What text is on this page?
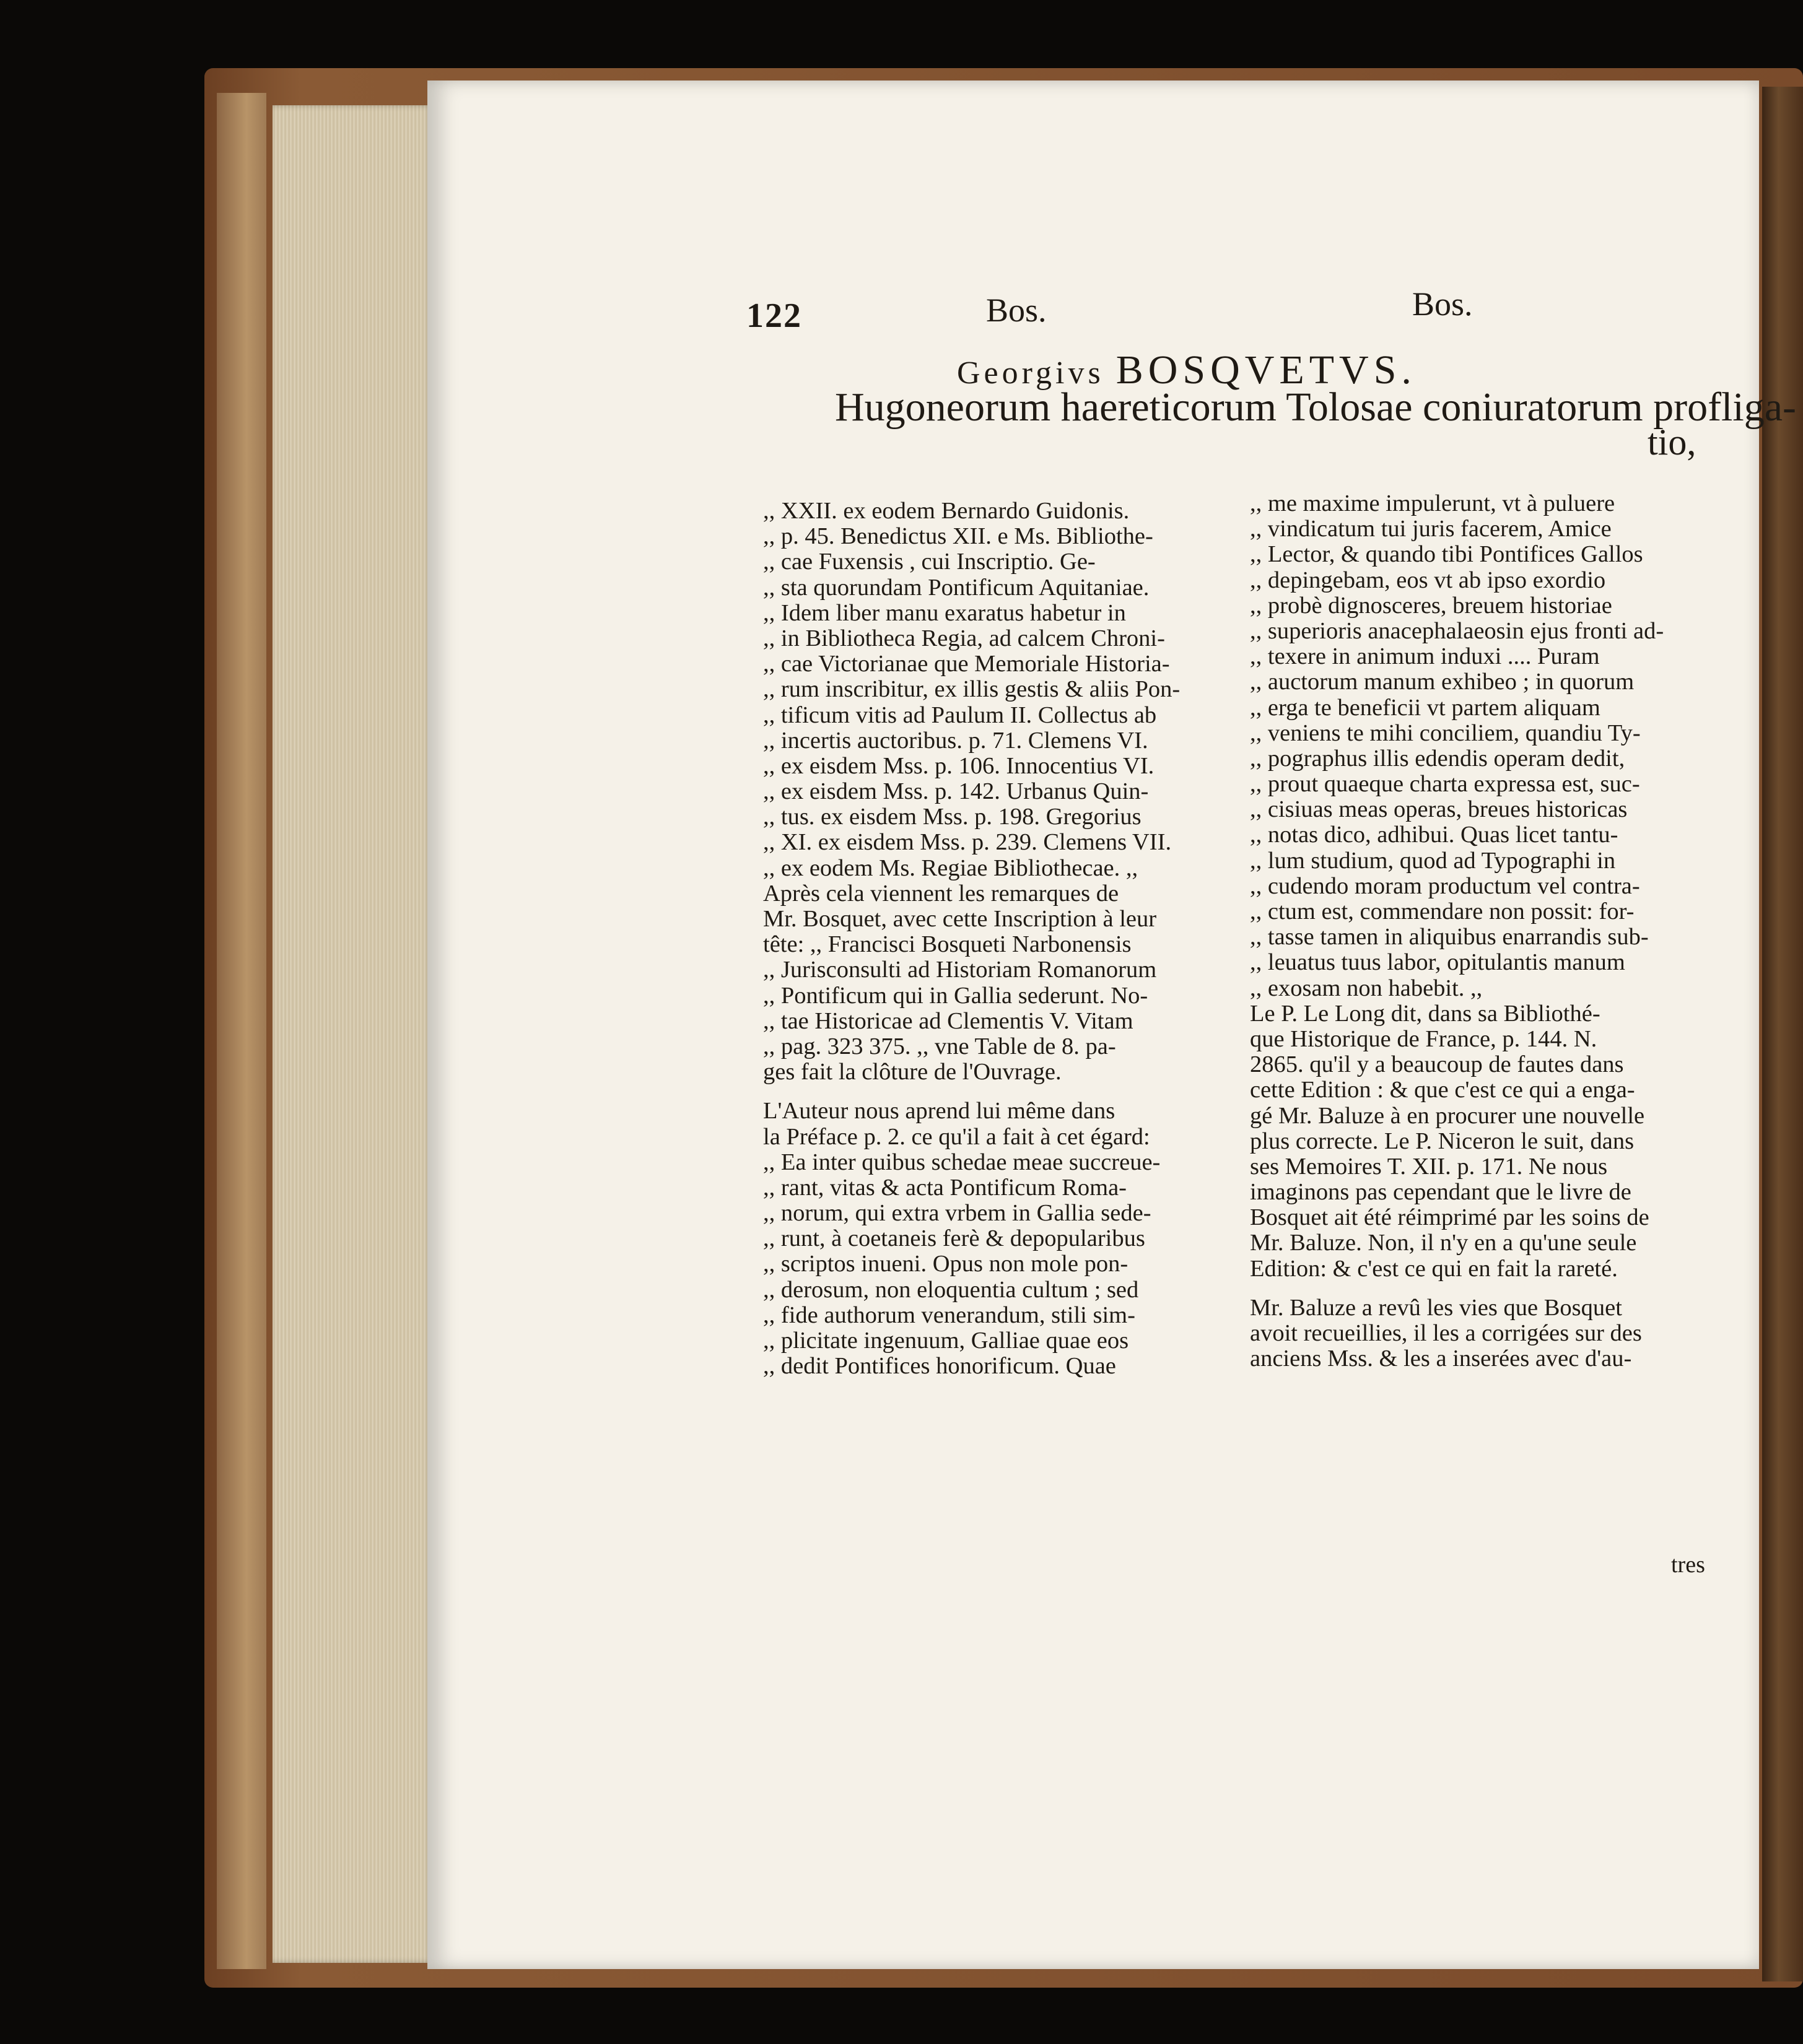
122	Bos.	Bos.
Georgivs BOSQVETVS.
Hugoneorum haereticorum Tolosae coniuratorum profliga-
tio,
,, XXII. ex eodem Bernardo Guidonis.
,, p. 45. Benedictus XII. e Ms. Bibliothe-
,, cae Fuxensis , cui Inscriptio. Ge-
,, sta quorundam Pontificum Aquitaniae.
,, Idem liber manu exaratus habetur in
,, in Bibliotheca Regia, ad calcem Chroni-
,, cae Victorianae que Memoriale Historia-
,, rum inscribitur, ex illis gestis & aliis Pon-
,, tificum vitis ad Paulum II. Collectus ab
,, incertis auctoribus. p. 71. Clemens VI.
,, ex eisdem Mss. p. 106. Innocentius VI.
,, ex eisdem Mss. p. 142. Urbanus Quin-
,, tus. ex eisdem Mss. p. 198. Gregorius
,, XI. ex eisdem Mss. p. 239. Clemens VII.
,, ex eodem Ms. Regiae Bibliothecae. ,,
Après cela viennent les remarques de
Mr. Bosquet, avec cette Inscription à leur
tête: ,, Francisci Bosqueti Narbonensis
,, Jurisconsulti ad Historiam Romanorum
,, Pontificum qui in Gallia sederunt. No-
,, tae Historicae ad Clementis V. Vitam
,, pag. 323 375. ,, vne Table de 8. pa-
ges fait la clôture de l'Ouvrage.
L'Auteur nous aprend lui même dans
la Préface p. 2. ce qu'il a fait à cet égard:
,, Ea inter quibus schedae meae succreue-
,, rant, vitas & acta Pontificum Roma-
,, norum, qui extra vrbem in Gallia sede-
,, runt, à coetaneis ferè & depopularibus
,, scriptos inueni. Opus non mole pon-
,, derosum, non eloquentia cultum ; sed
,, fide authorum venerandum, stili sim-
,, plicitate ingenuum, Galliae quae eos
,, dedit Pontifices honorificum. Quae
,, me maxime impulerunt, vt à puluere
,, vindicatum tui juris facerem, Amice
,, Lector, & quando tibi Pontifices Gallos
,, depingebam, eos vt ab ipso exordio
,, probè dignosceres, breuem historiae
,, superioris anacephalaeosin ejus fronti ad-
,, texere in animum induxi .... Puram
,, auctorum manum exhibeo ; in quorum
,, erga te beneficii vt partem aliquam
,, veniens te mihi conciliem, quandiu Ty-
,, pographus illis edendis operam dedit,
,, prout quaeque charta expressa est, suc-
,, cisiuas meas operas, breues historicas
,, notas dico, adhibui. Quas licet tantu-
,, lum studium, quod ad Typographi in
,, cudendo moram productum vel contra-
,, ctum est, commendare non possit: for-
,, tasse tamen in aliquibus enarrandis sub-
,, leuatus tuus labor, opitulantis manum
,, exosam non habebit. ,,
Le P. Le Long dit, dans sa Bibliothé-
que Historique de France, p. 144. N.
2865. qu'il y a beaucoup de fautes dans
cette Edition : & que c'est ce qui a enga-
gé Mr. Baluze à en procurer une nouvelle
plus correcte. Le P. Niceron le suit, dans
ses Memoires T. XII. p. 171. Ne nous
imaginons pas cependant que le livre de
Bosquet ait été réimprimé par les soins de
Mr. Baluze. Non, il n'y en a qu'une seule
Edition: & c'est ce qui en fait la rareté.
Mr. Baluze a revû les vies que Bosquet
avoit recueillies, il les a corrigées sur des
anciens Mss. & les a inserées avec d'au-
tres
